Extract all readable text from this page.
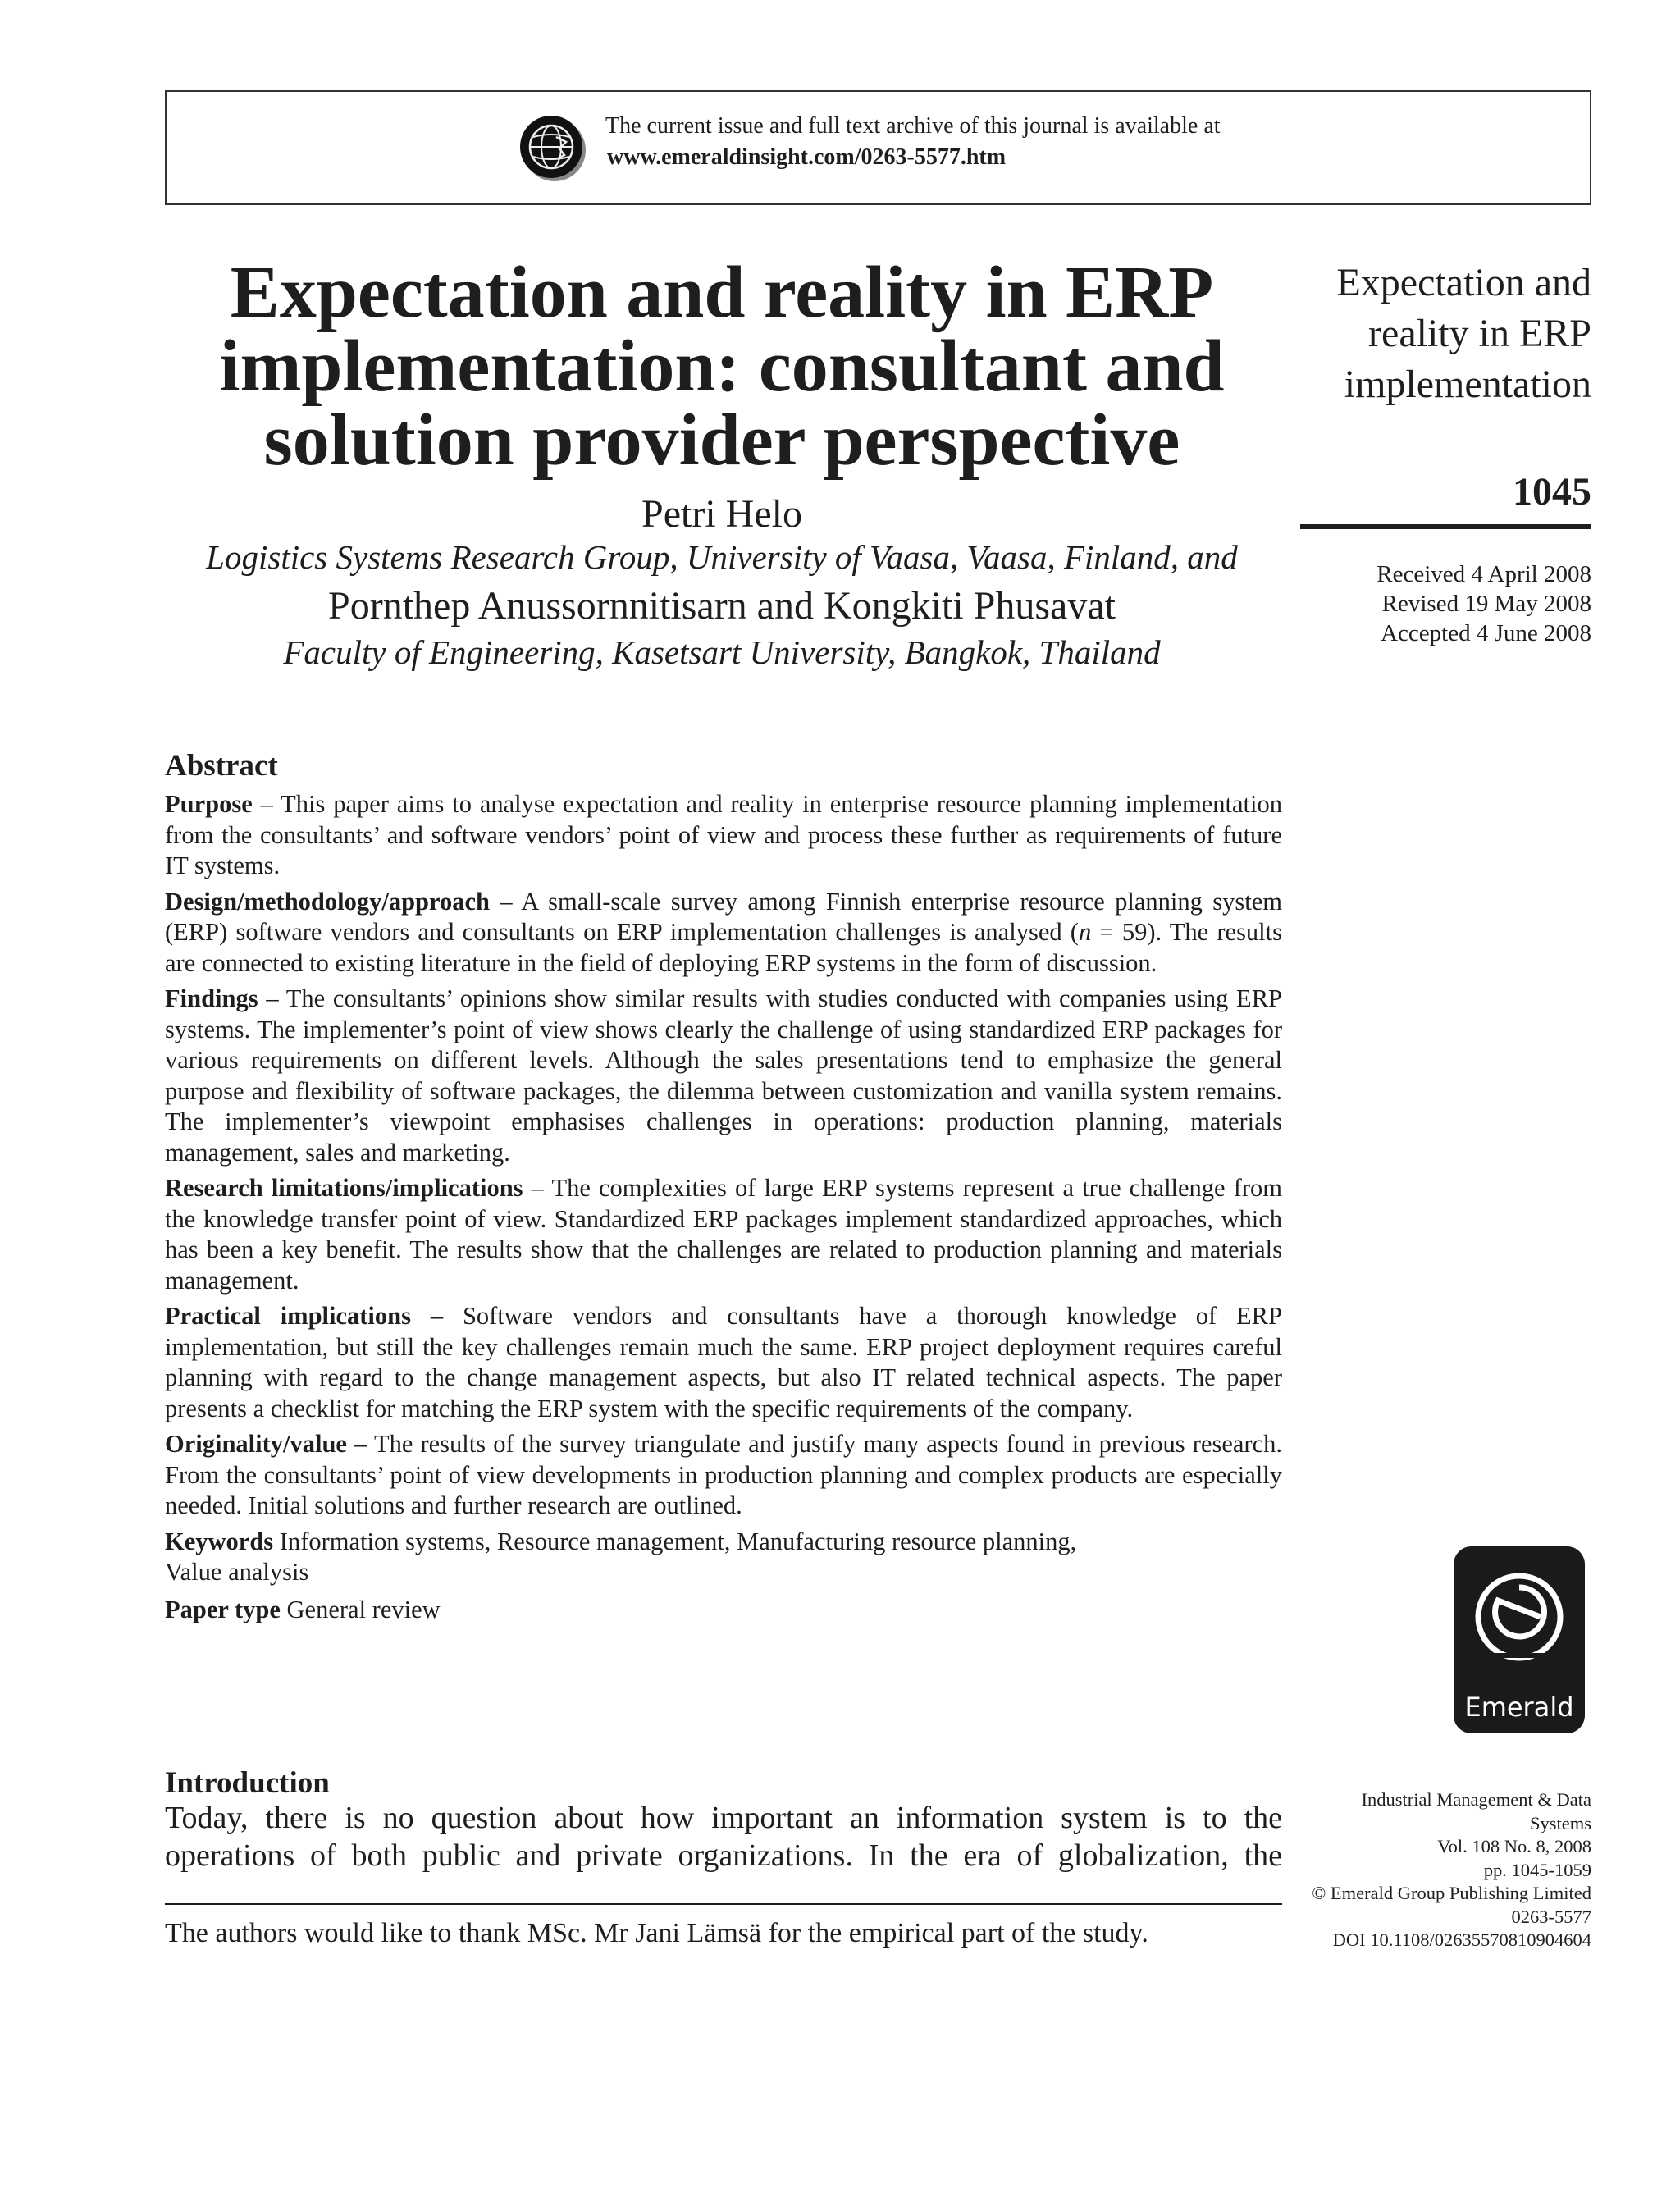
The current issue and full text archive of this journal is available at
www.emeraldinsight.com/0263-5577.htm
Expectation and reality in ERP
implementation: consultant and
solution provider perspective
Petri Helo
Logistics Systems Research Group, University of Vaasa, Vaasa, Finland, and
Pornthep Anussornnitisarn and Kongkiti Phusavat
Faculty of Engineering, Kasetsart University, Bangkok, Thailand
Expectation and
reality in ERP
implementation
1045
Received 4 April 2008
Revised 19 May 2008
Accepted 4 June 2008
Abstract

Purpose – This paper aims to analyse expectation and reality in enterprise resource planning implementation from the consultants’ and software vendors’ point of view and process these further as requirements of future IT systems.

Design/methodology/approach – A small-scale survey among Finnish enterprise resource planning system (ERP) software vendors and consultants on ERP implementation challenges is analysed (n = 59). The results are connected to existing literature in the field of deploying ERP systems in the form of discussion.

Findings – The consultants’ opinions show similar results with studies conducted with companies using ERP systems. The implementer’s point of view shows clearly the challenge of using standardized ERP packages for various requirements on different levels. Although the sales presentations tend to emphasize the general purpose and flexibility of software packages, the dilemma between customization and vanilla system remains. The implementer’s viewpoint emphasises challenges in operations: production planning, materials management, sales and marketing.

Research limitations/implications – The complexities of large ERP systems represent a true challenge from the knowledge transfer point of view. Standardized ERP packages implement standardized approaches, which has been a key benefit. The results show that the challenges are related to production planning and materials management.

Practical implications – Software vendors and consultants have a thorough knowledge of ERP implementation, but still the key challenges remain much the same. ERP project deployment requires careful planning with regard to the change management aspects, but also IT related technical aspects. The paper presents a checklist for matching the ERP system with the specific requirements of the company.

Originality/value – The results of the survey triangulate and justify many aspects found in previous research. From the consultants’ point of view developments in production planning and complex products are especially needed. Initial solutions and further research are outlined.

Keywords Information systems, Resource management, Manufacturing resource planning,
Value analysis
Paper type General review
Emerald
Introduction
Today, there is no question about how important an information system is to the
operations of both public and private organizations. In the era of globalization, the
The authors would like to thank MSc. Mr Jani Lämsä for the empirical part of the study.
Industrial Management & Data
Systems
Vol. 108 No. 8, 2008
pp. 1045-1059
© Emerald Group Publishing Limited
0263-5577
DOI 10.1108/02635570810904604
